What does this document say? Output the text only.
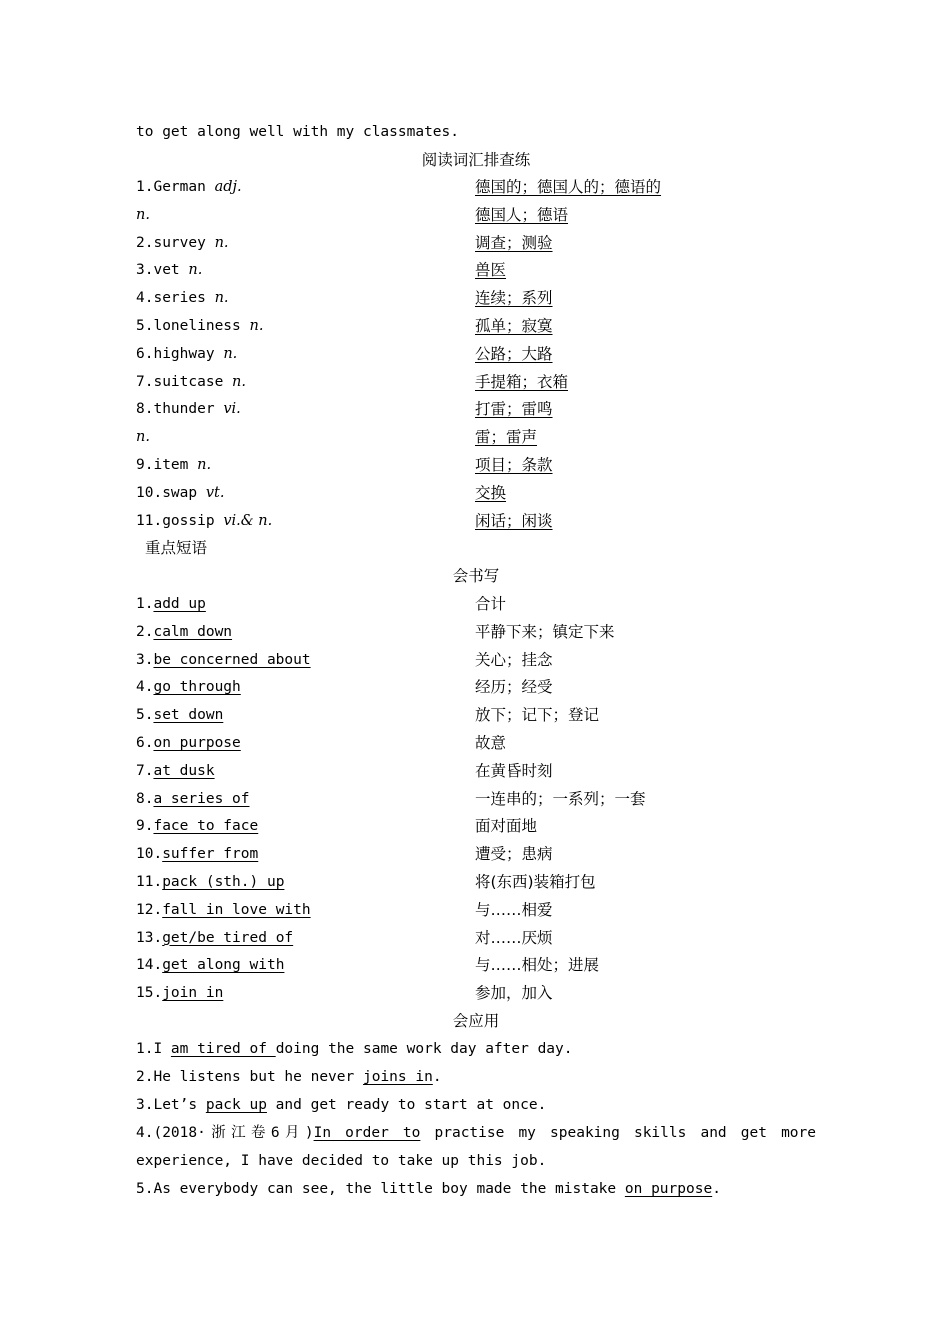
to get along well with my classmates.
阅读词汇排查练
1.German adj.	德国的；德国人的；德语的
n.	德国人；德语
2.survey n.	调查；测验
3.vet n.	兽医
4.series n.	连续；系列
5.loneliness n.	孤单；寂寞
6.highway n.	公路；大路
7.suitcase n.	手提箱；衣箱
8.thunder vi.	打雷；雷鸣
n.	雷；雷声
9.item n.	项目；条款
10.swap vt.	交换
11.gossip vi.& n.	闲话；闲谈
重点短语
会书写
1.add up	合计
2.calm down	平静下来；镇定下来
3.be concerned about	关心；挂念
4.go through	经历；经受
5.set down	放下；记下；登记
6.on purpose	故意
7.at dusk	在黄昏时刻
8.a series of	一连串的；一系列；一套
9.face to face	面对面地
10.suffer from	遭受；患病
11.pack (sth.) up	将(东西)装箱打包
12.fall in love with	与……相爱
13.get/be tired of	对……厌烦
14.get along with	与……相处；进展
15.join in	参加，加入
会应用
1.I am tired of doing the same work day after day.
2.He listens but he never joins in.
3.Let’s pack up and get ready to start at once.
4.(2018·浙江卷6月)In order to practise my speaking skills and get more
experience, I have decided to take up this job.
5.As everybody can see, the little boy made the mistake on purpose.
